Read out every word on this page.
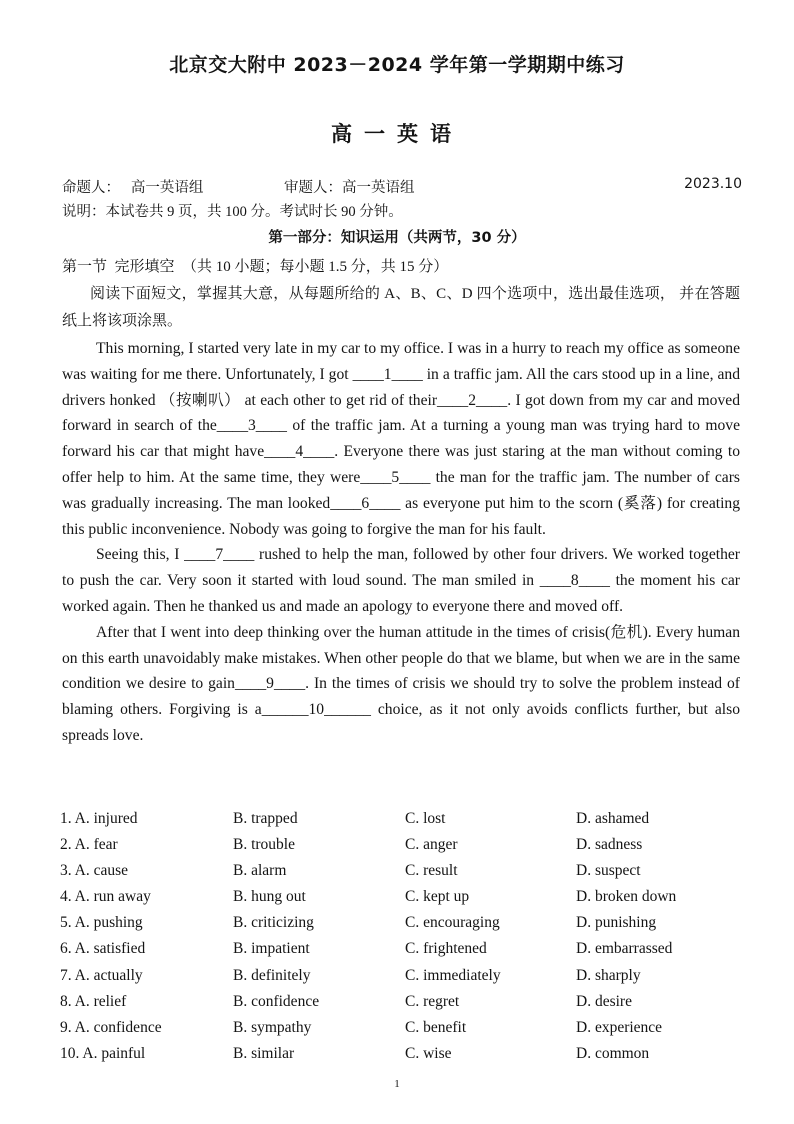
北京交大附中 2023－2024 学年第一学期期中练习
高一英语
命题人：   高一英语组	审题人：高一英语组	2023.10
说明：本试卷共 9 页，共 100 分。考试时长 90 分钟。
第一部分：知识运用（共两节，30 分）
第一节  完形填空  （共 10 小题；每小题 1.5 分，共 15 分）
阅读下面短文，掌握其大意，从每题所给的 A、B、C、D 四个选项中，选出最佳选项， 并在答题纸上将该项涂黑。

This morning, I started very late in my car to my office. I was in a hurry to reach my office as someone was waiting for me there. Unfortunately, I got ____1____ in a traffic jam. All the cars stood up in a line, and drivers honked （按喇叭） at each other to get rid of their____2____. I got down from my car and moved forward in search of the____3____ of the traffic jam. At a turning a young man was trying hard to move forward his car that might have____4____. Everyone there was just staring at the man without coming to offer help to him. At the same time, they were____5____ the man for the traffic jam. The number of cars was gradually increasing. The man looked____6____ as everyone put him to the scorn (奚落) for creating this public inconvenience. Nobody was going to forgive the man for his fault.

Seeing this, I ____7____ rushed to help the man, followed by other four drivers. We worked together to push the car. Very soon it started with loud sound. The man smiled in ____8____ the moment his car worked again. Then he thanked us and made an apology to everyone there and moved off.

After that I went into deep thinking over the human attitude in the times of crisis(危机). Every human on this earth unavoidably make mistakes. When other people do that we blame, but when we are in the same condition we desire to gain____9____. In the times of crisis we should try to solve the problem instead of blaming others. Forgiving is a______10______ choice, as it not only avoids conflicts further, but also spreads love.

1. A. injured	B. trapped	C. lost	D. ashamed
2. A. fear	B. trouble	C. anger	D. sadness
3. A. cause	B. alarm	C. result	D. suspect
4. A. run away	B. hung out	C. kept up	D. broken down
5. A. pushing	B. criticizing	C. encouraging	D. punishing
6. A. satisfied	B. impatient	C. frightened	D. embarrassed
7. A. actually	B. definitely	C. immediately	D. sharply
8. A. relief	B. confidence	C. regret	D. desire
9. A. confidence	B. sympathy	C. benefit	D. experience
10. A. painful	B. similar	C. wise	D. common
1
